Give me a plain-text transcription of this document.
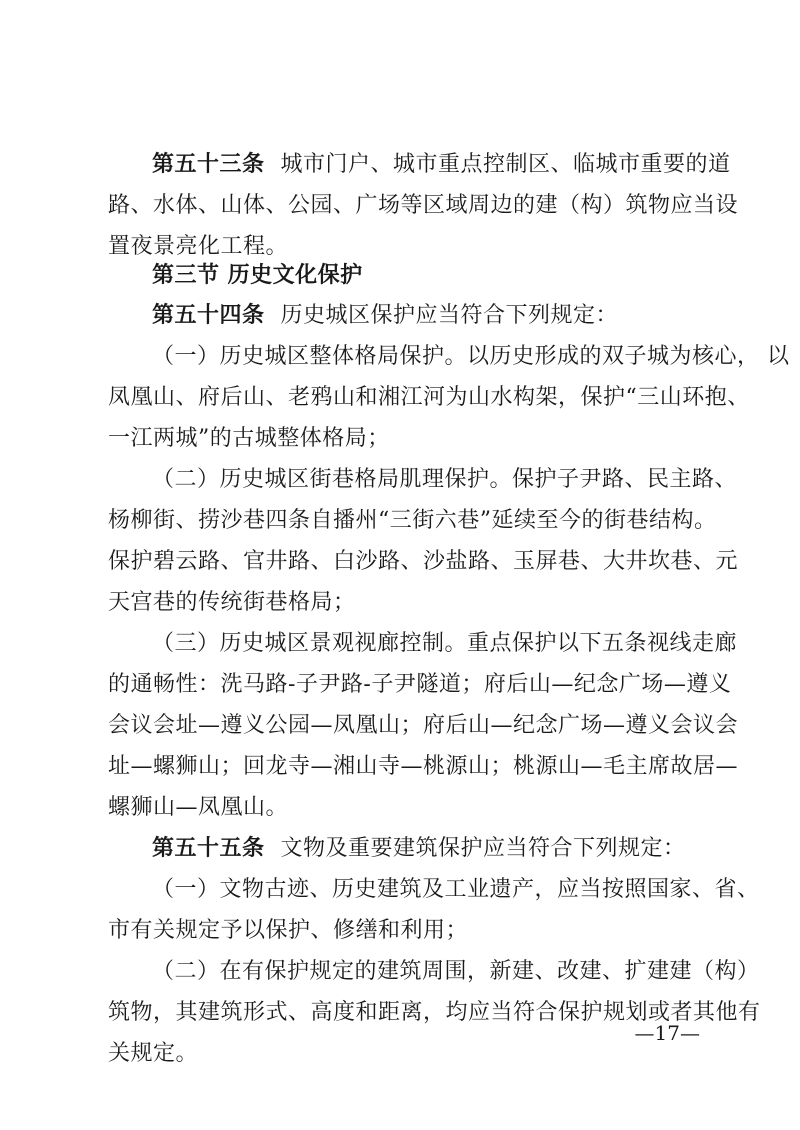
第五十三条 城市门户、城市重点控制区、临城市重要的道
路、水体、山体、公园、广场等区域周边的建（构）筑物应当设
置夜景亮化工程。
第三节 历史文化保护
第五十四条 历史城区保护应当符合下列规定：
（一）历史城区整体格局保护。以历史形成的双子城为核心， 以
凤凰山、府后山、老鸦山和湘江河为山水构架，保护“三山环抱、
一江两城”的古城整体格局；
（二）历史城区街巷格局肌理保护。保护子尹路、民主路、
杨柳街、捞沙巷四条自播州“三街六巷”延续至今的街巷结构。
保护碧云路、官井路、白沙路、沙盐路、玉屏巷、大井坎巷、元
天宫巷的传统街巷格局；
（三）历史城区景观视廊控制。重点保护以下五条视线走廊
的通畅性：洗马路-子尹路-子尹隧道；府后山—纪念广场—遵义
会议会址—遵义公园—凤凰山；府后山—纪念广场—遵义会议会
址—螺狮山；回龙寺—湘山寺—桃源山；桃源山—毛主席故居—
螺狮山—凤凰山。
第五十五条 文物及重要建筑保护应当符合下列规定：
（一）文物古迹、历史建筑及工业遗产，应当按照国家、省、
市有关规定予以保护、修缮和利用；
（二）在有保护规定的建筑周围，新建、改建、扩建建（构）
筑物，其建筑形式、高度和距离，均应当符合保护规划或者其他有
关规定。
—17—
